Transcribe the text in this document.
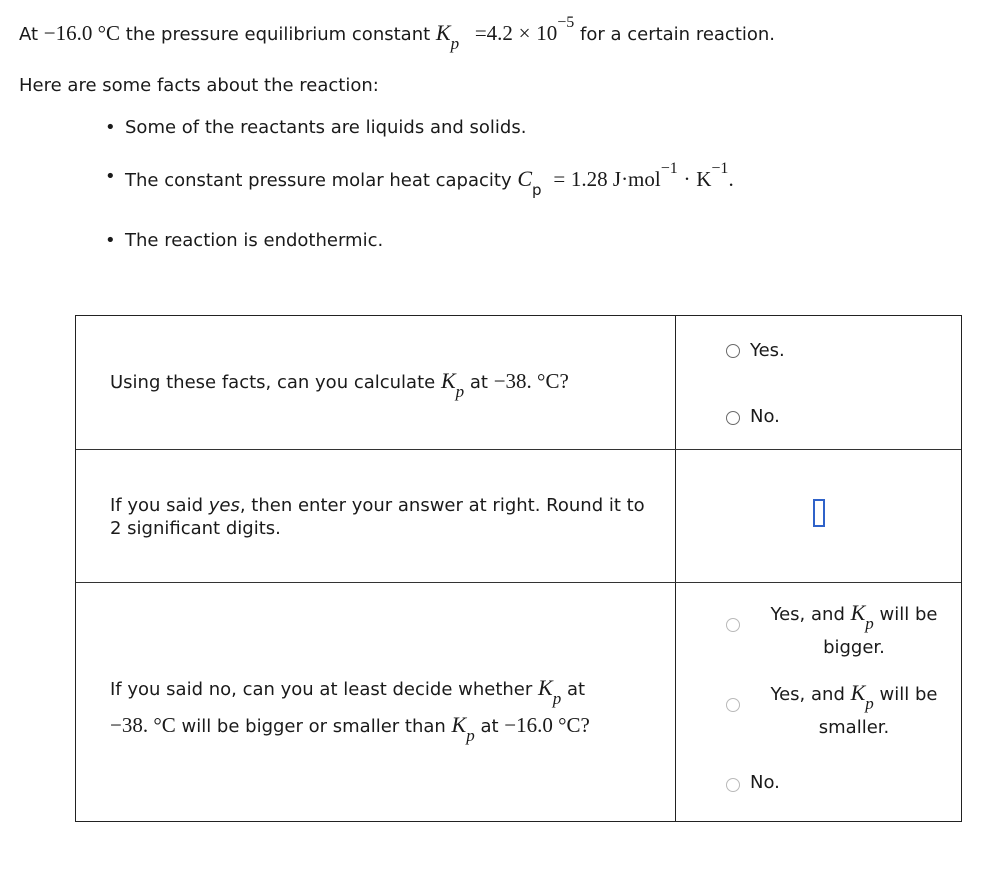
At −16.0 °C the pressure equilibrium constant Kp =4.2 × 10−5 for a certain reaction.
Here are some facts about the reaction:
• Some of the reactants are liquids and solids.
• The constant pressure molar heat capacity $C_p = 1.28$ J·mol−1 · K−1.
• The reaction is endothermic.
Using these facts, can you calculate Kp at −38. °C?
Yes.
No.
If you said yes, then enter your answer at right. Round it to
2 significant digits.
If you said no, can you at least decide whether Kp at
−38. °C will be bigger or smaller than Kp at −16.0 °C?
Yes, and Kp will be
bigger.
Yes, and Kp will be
smaller.
No.
